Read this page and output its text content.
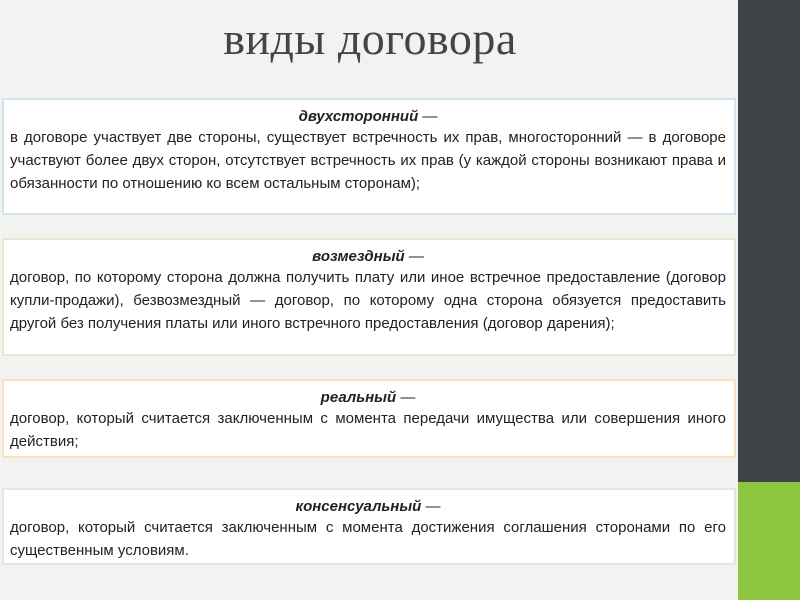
виды договора
двухсторонний —
в договоре участвует две стороны, существует встречность их прав, многосторонний — в договоре участвуют более двух сторон, отсутствует встречность их прав (у каждой стороны возникают права и обязанности по отношению ко всем остальным сторонам);
возмездный —
договор, по которому сторона должна получить плату или иное встречное предоставление (договор купли-продажи), безвозмездный — договор, по которому одна сторона обязуется предоставить другой без получения платы или иного встречного предоставления (договор дарения);
реальный —
договор, который считается заключенным с момента передачи имущества или совершения иного действия;
консенсуальный —
договор, который считается заключенным с момента достижения соглашения сторонами по его существенным условиям.
